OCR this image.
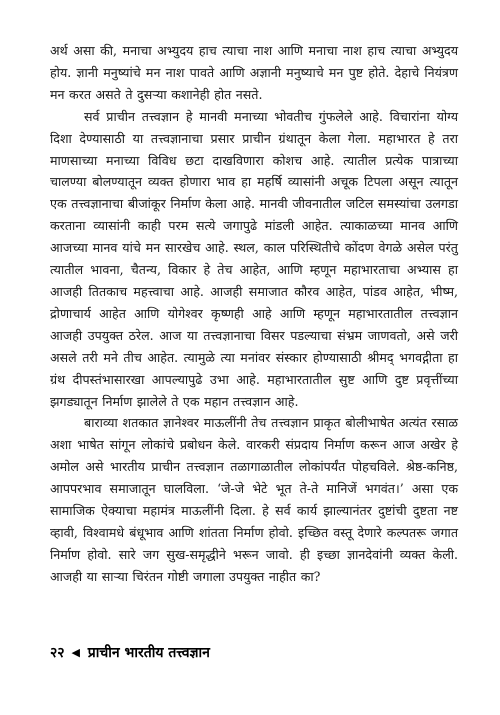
अर्थ असा की, मनाचा अभ्युदय हाच त्याचा नाश आणि मनाचा नाश हाच त्याचा अभ्युदय होय. ज्ञानी मनुष्यांचे मन नाश पावते आणि अज्ञानी मनुष्याचे मन पुष्ट होते. देहाचे नियंत्रण मन करत असते ते दुसऱ्या कशानेही होत नसते.

सर्व प्राचीन तत्त्वज्ञान हे मानवी मनाच्या भोवतीच गुंफलेले आहे. विचारांना योग्य दिशा देण्यासाठी या तत्त्वज्ञानाचा प्रसार प्राचीन ग्रंथातून केला गेला. महाभारत हे तरा माणसाच्या मनाच्या विविध छटा दाखविणारा कोशच आहे. त्यातील प्रत्येक पात्राच्या चालण्या बोलण्यातून व्यक्त होणारा भाव हा महर्षि व्यासांनी अचूक टिपला असून त्यातून एक तत्त्वज्ञानाचा बीजांकूर निर्माण केला आहे. मानवी जीवनातील जटिल समस्यांचा उलगडा करताना व्यासांनी काही परम सत्ये जगापुढे मांडली आहेत. त्याकाळच्या मानव आणि आजच्या मानव यांचे मन सारखेच आहे. स्थल, काल परिस्थितीचे कोंदण वेगळे असेल परंतु त्यातील भावना, चैतन्य, विकार हे तेच आहेत, आणि म्हणून महाभारताचा अभ्यास हा आजही तितकाच महत्त्वाचा आहे. आजही समाजात कौरव आहेत, पांडव आहेत, भीष्म, द्रोणाचार्य आहेत आणि योगेश्वर कृष्णही आहे आणि म्हणून महाभारतातील तत्त्वज्ञान आजही उपयुक्त ठरेल. आज या तत्त्वज्ञानाचा विसर पडल्याचा संभ्रम जाणवतो, असे जरी असले तरी मने तीच आहेत. त्यामुळे त्या मनांवर संस्कार होण्यासाठी श्रीमद् भगवद्गीता हा ग्रंथ दीपस्तंभासारखा आपल्यापुढे उभा आहे. महाभारतातील सुष्ट आणि दुष्ट प्रवृत्तींच्या झगड्यातून निर्माण झालेले ते एक महान तत्त्वज्ञान आहे.

बाराव्या शतकात ज्ञानेश्वर माऊलींनी तेच तत्त्वज्ञान प्राकृत बोलीभाषेत अत्यंत रसाळ अशा भाषेत सांगून लोकांचे प्रबोधन केले. वारकरी संप्रदाय निर्माण करून आज अखेर हे अमोल असे भारतीय प्राचीन तत्त्वज्ञान तळागाळातील लोकांपर्यंत पोहचविले. श्रेष्ठ-कनिष्ठ, आपपरभाव समाजातून घालविला. ‘जे-जे भेटे भूत ते-ते मानिजें भगवंत।’ असा एक सामाजिक ऐक्याचा महामंत्र माऊलींनी दिला. हे सर्व कार्य झाल्यानंतर दुष्टांची दुष्टता नष्ट व्हावी, विश्वामधे बंधूभाव आणि शांतता निर्माण होवो. इच्छित वस्तू देणारे कल्पतरू जगात निर्माण होवो. सारे जग सुख-समृद्धीने भरून जावो. ही इच्छा ज्ञानदेवांनी व्यक्त केली. आजही या साऱ्या चिरंतन गोष्टी जगाला उपयुक्त नाहीत का?

२२ ◀ प्राचीन भारतीय तत्त्वज्ञान
